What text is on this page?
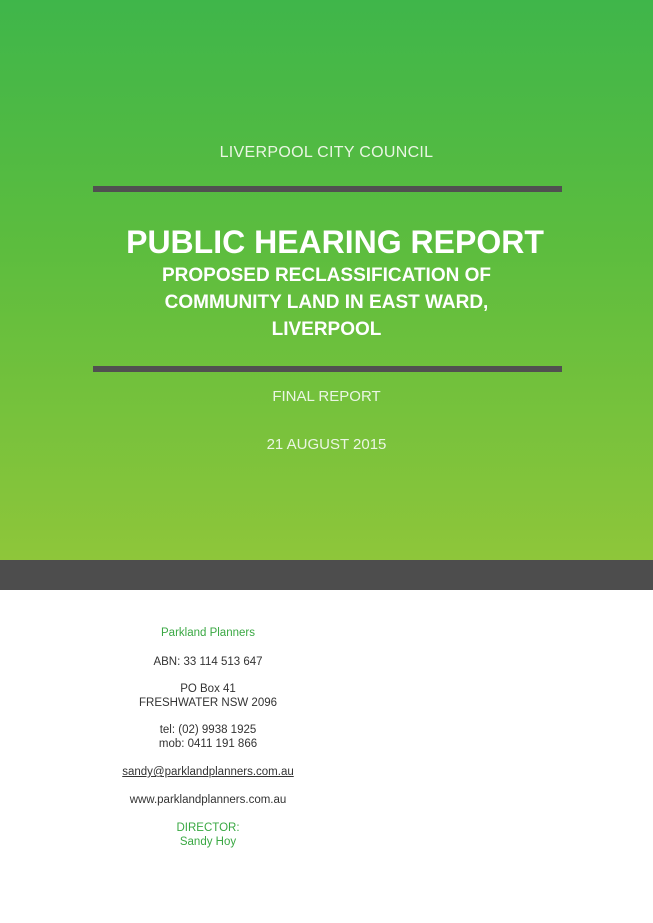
LIVERPOOL CITY COUNCIL
PUBLIC HEARING REPORT
PROPOSED RECLASSIFICATION OF
COMMUNITY LAND IN EAST WARD,
LIVERPOOL
FINAL REPORT
21 AUGUST 2015
Parkland Planners
ABN: 33 114 513 647
PO Box 41
FRESHWATER NSW 2096
tel: (02) 9938 1925
mob: 0411 191 866
sandy@parklandplanners.com.au
www.parklandplanners.com.au
DIRECTOR:
Sandy Hoy
